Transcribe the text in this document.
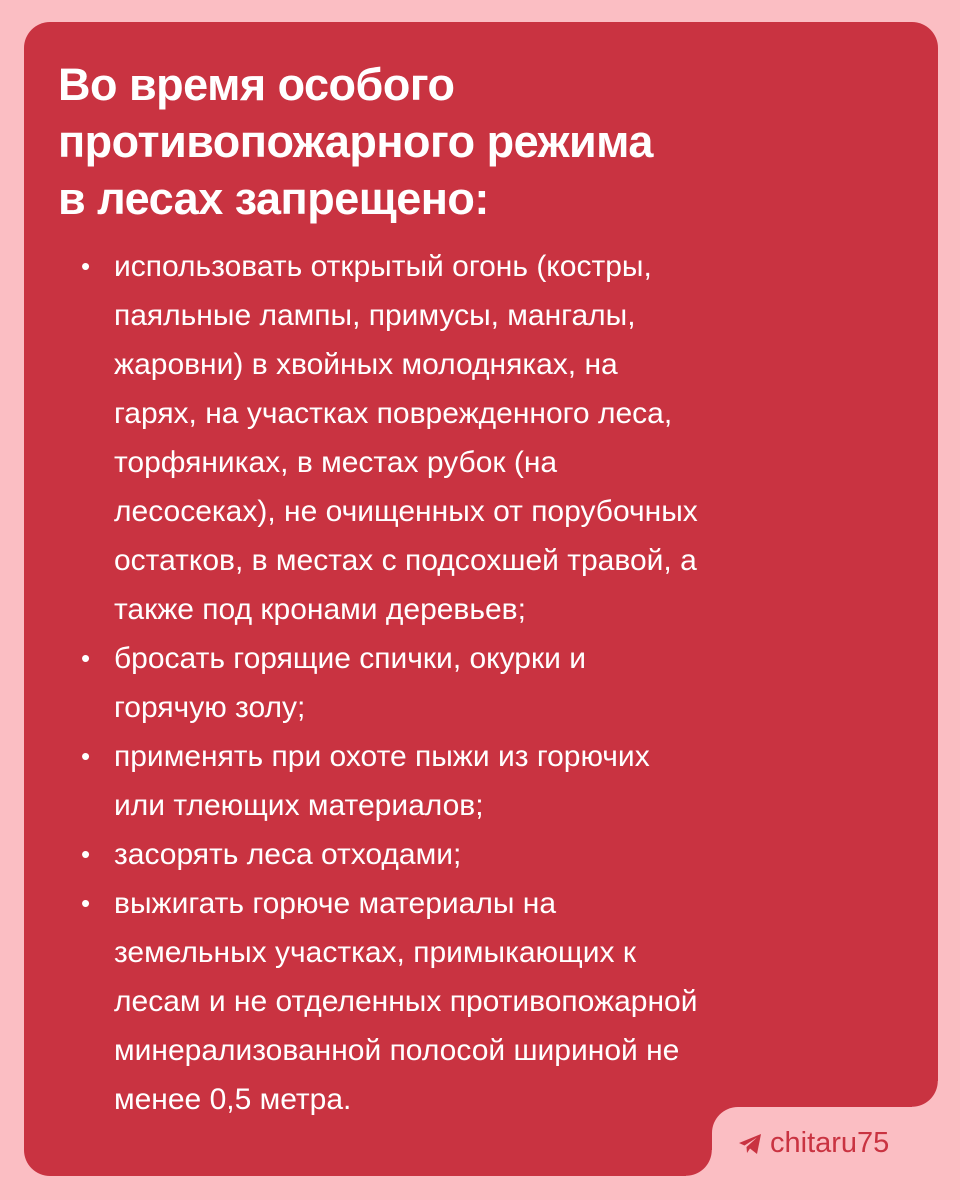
Во время особого
противопожарного режима
в лесах запрещено:
• использовать открытый огонь (костры,
паяльные лампы, примусы, мангалы,
жаровни) в хвойных молодняках, на
гарях, на участках поврежденного леса,
торфяниках, в местах рубок (на
лесосеках), не очищенных от порубочных
остатков, в местах с подсохшей травой, а
также под кронами деревьев;
• бросать горящие спички, окурки и
горячую золу;
• применять при охоте пыжи из горючих
или тлеющих материалов;
• засорять леса отходами;
• выжигать горюче материалы на
земельных участках, примыкающих к
лесам и не отделенных противопожарной
минерализованной полосой шириной не
менее 0,5 метра.
chitaru75
